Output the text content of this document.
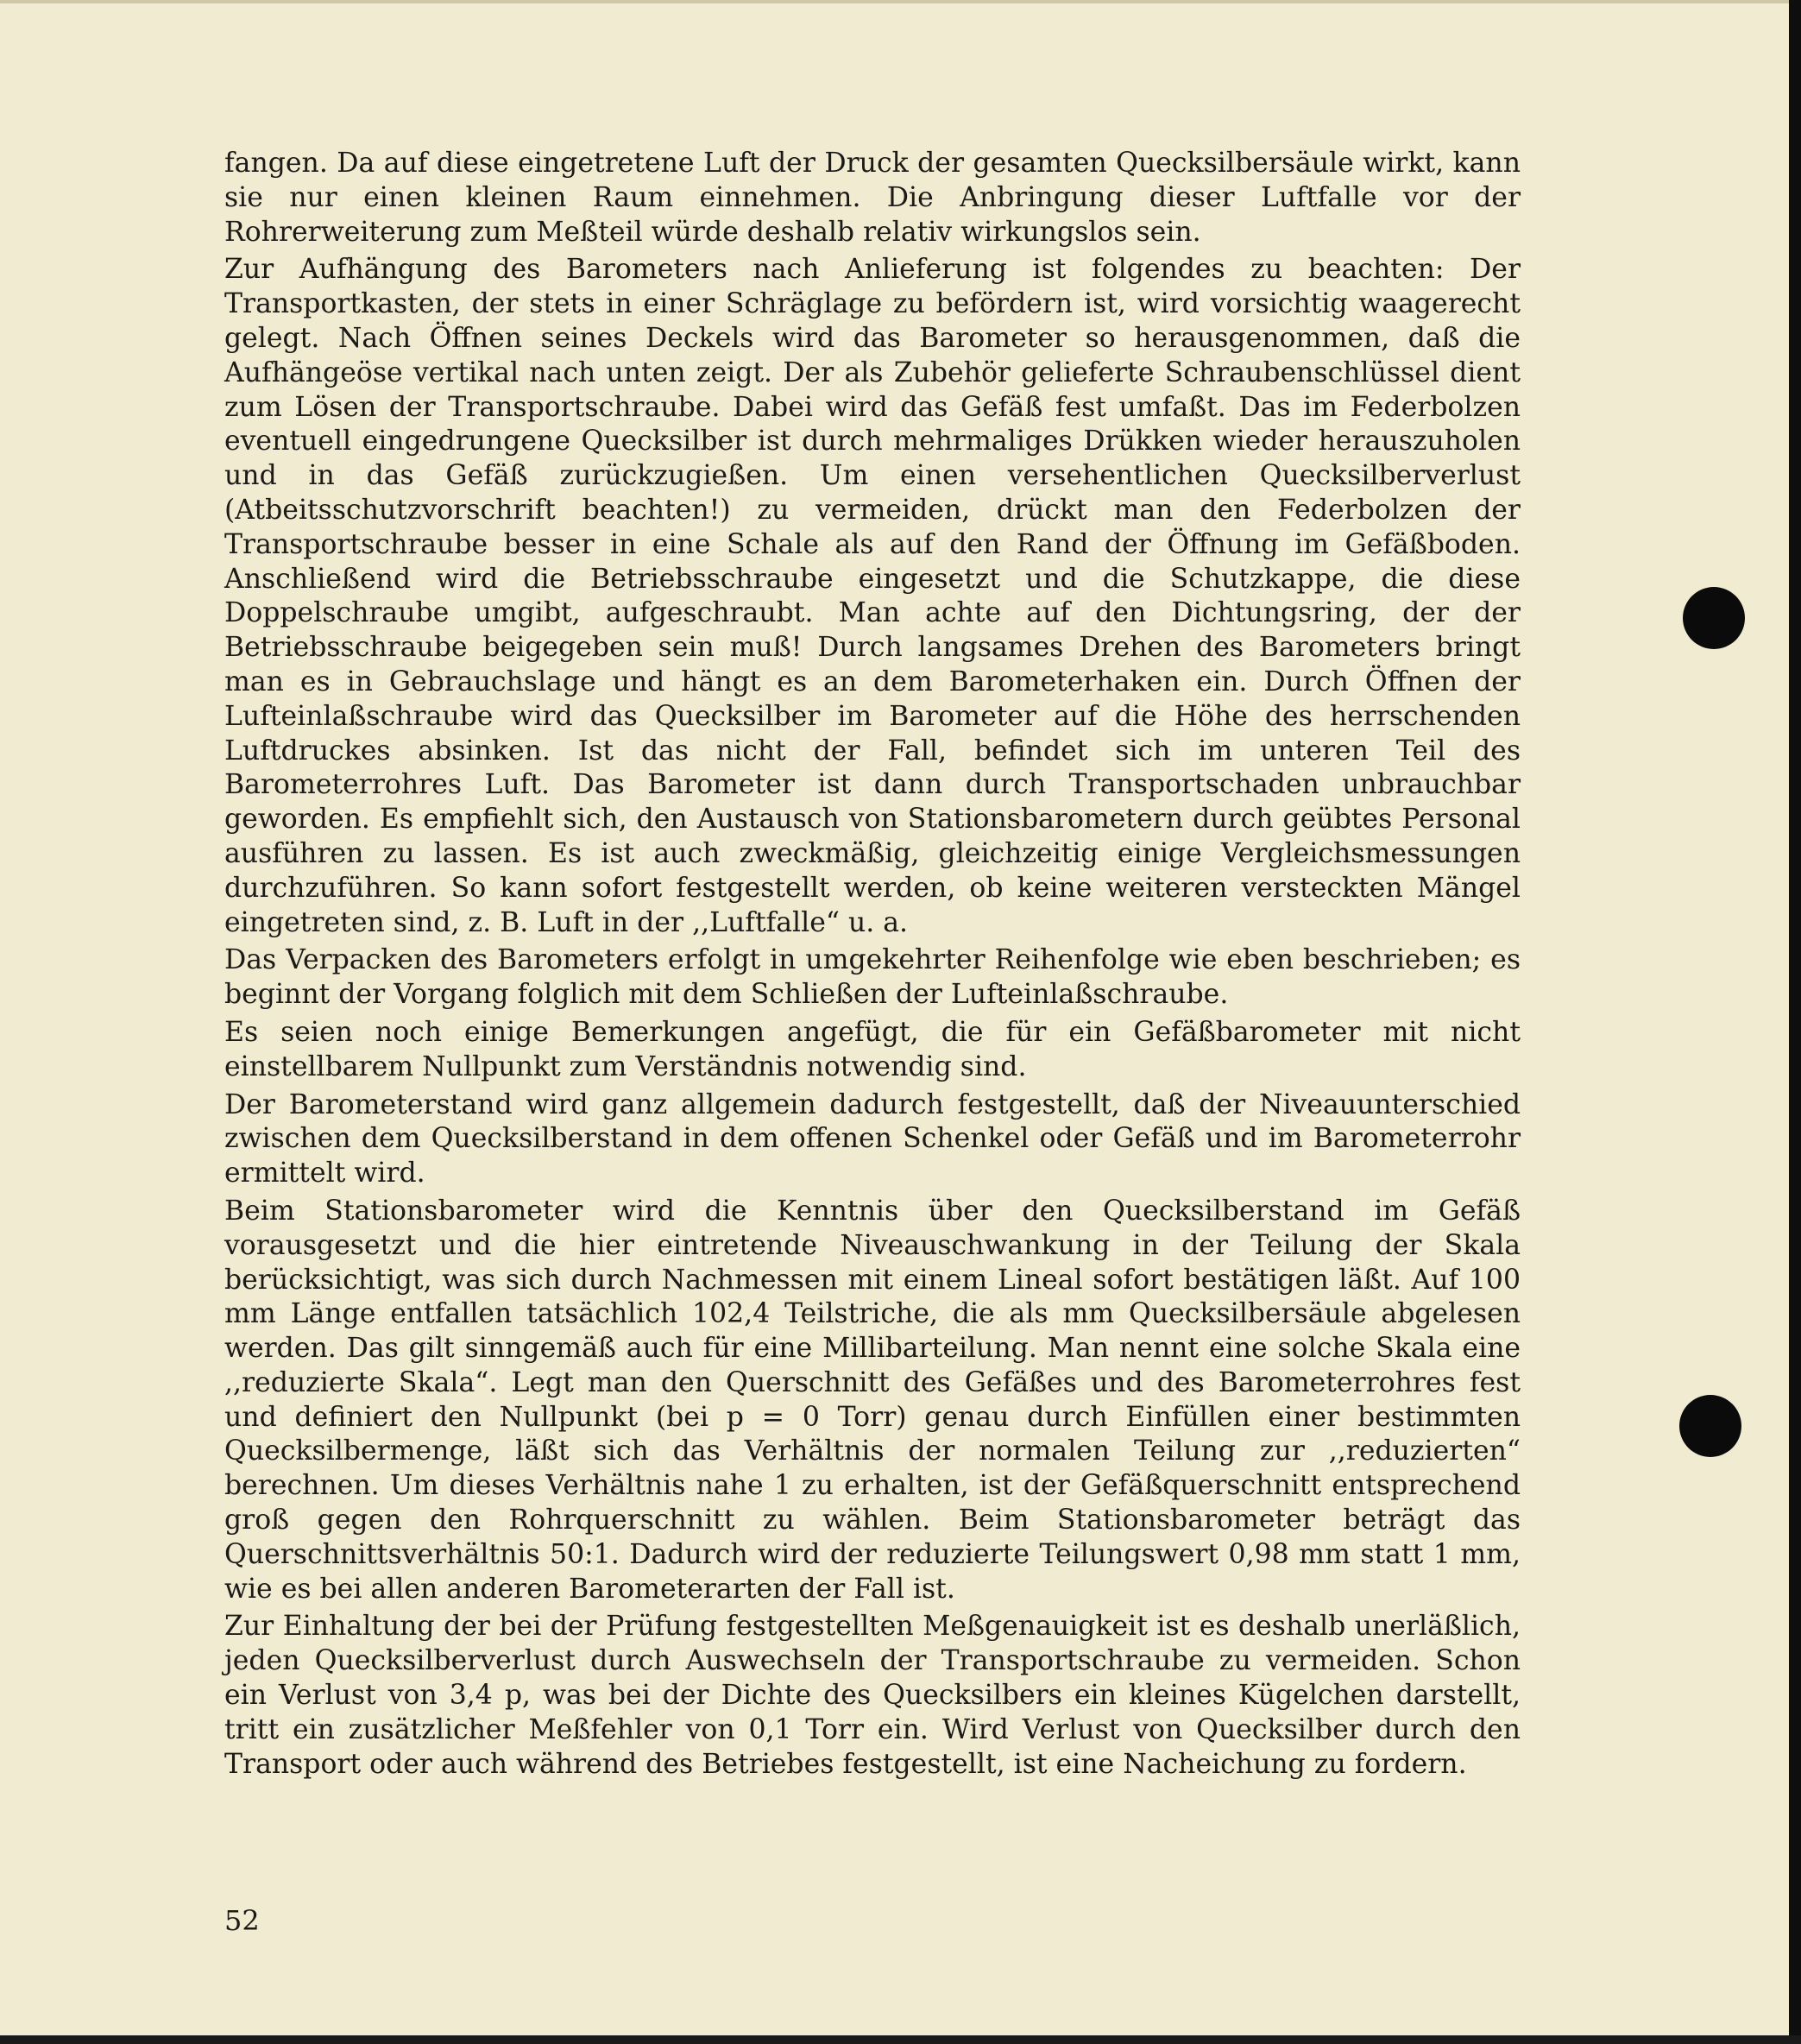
fangen. Da auf diese eingetretene Luft der Druck der gesamten Quecksilbersäule wirkt, kann sie nur einen kleinen Raum einnehmen. Die Anbringung dieser Luftfalle vor der Rohrerweiterung zum Meßteil würde deshalb relativ wirkungslos sein.

Zur Aufhängung des Barometers nach Anlieferung ist folgendes zu beachten: Der Transportkasten, der stets in einer Schräglage zu befördern ist, wird vorsichtig waagerecht gelegt. Nach Öffnen seines Deckels wird das Barometer so herausgenommen, daß die Aufhängeöse vertikal nach unten zeigt. Der als Zubehör gelieferte Schraubenschlüssel dient zum Lösen der Transportschraube. Dabei wird das Gefäß fest umfaßt. Das im Federbolzen eventuell eingedrungene Quecksilber ist durch mehrmaliges Drükken wieder herauszuholen und in das Gefäß zurückzugießen. Um einen versehentlichen Quecksilberverlust (Atbeitsschutzvorschrift beachten!) zu vermeiden, drückt man den Federbolzen der Transportschraube besser in eine Schale als auf den Rand der Öffnung im Gefäßboden. Anschließend wird die Betriebsschraube eingesetzt und die Schutzkappe, die diese Doppelschraube umgibt, aufgeschraubt. Man achte auf den Dichtungsring, der der Betriebsschraube beigegeben sein muß! Durch langsames Drehen des Barometers bringt man es in Gebrauchslage und hängt es an dem Barometerhaken ein. Durch Öffnen der Lufteinlaßschraube wird das Quecksilber im Barometer auf die Höhe des herrschenden Luftdruckes absinken. Ist das nicht der Fall, befindet sich im unteren Teil des Barometerrohres Luft. Das Barometer ist dann durch Transportschaden unbrauchbar geworden. Es empfiehlt sich, den Austausch von Stationsbarometern durch geübtes Personal ausführen zu lassen. Es ist auch zweckmäßig, gleichzeitig einige Vergleichsmessungen durchzuführen. So kann sofort festgestellt werden, ob keine weiteren versteckten Mängel eingetreten sind, z. B. Luft in der ,,Luftfalle“ u. a.

Das Verpacken des Barometers erfolgt in umgekehrter Reihenfolge wie eben beschrieben; es beginnt der Vorgang folglich mit dem Schließen der Lufteinlaßschraube.

Es seien noch einige Bemerkungen angefügt, die für ein Gefäßbarometer mit nicht einstellbarem Nullpunkt zum Verständnis notwendig sind.

Der Barometerstand wird ganz allgemein dadurch festgestellt, daß der Niveauunterschied zwischen dem Quecksilberstand in dem offenen Schenkel oder Gefäß und im Barometerrohr ermittelt wird.

Beim Stationsbarometer wird die Kenntnis über den Quecksilberstand im Gefäß vorausgesetzt und die hier eintretende Niveauschwankung in der Teilung der Skala berücksichtigt, was sich durch Nachmessen mit einem Lineal sofort bestätigen läßt. Auf 100 mm Länge entfallen tatsächlich 102,4 Teilstriche, die als mm Quecksilbersäule abgelesen werden. Das gilt sinngemäß auch für eine Millibarteilung. Man nennt eine solche Skala eine ,,reduzierte Skala“. Legt man den Querschnitt des Gefäßes und des Barometerrohres fest und definiert den Nullpunkt (bei p = 0 Torr) genau durch Einfüllen einer bestimmten Quecksilbermenge, läßt sich das Verhältnis der normalen Teilung zur ,,reduzierten“ berechnen. Um dieses Verhältnis nahe 1 zu erhalten, ist der Gefäßquerschnitt entsprechend groß gegen den Rohrquerschnitt zu wählen. Beim Stationsbarometer beträgt das Querschnittsverhältnis 50:1. Dadurch wird der reduzierte Teilungswert 0,98 mm statt 1 mm, wie es bei allen anderen Barometerarten der Fall ist.

Zur Einhaltung der bei der Prüfung festgestellten Meßgenauigkeit ist es deshalb unerläßlich, jeden Quecksilberverlust durch Auswechseln der Transportschraube zu vermeiden. Schon ein Verlust von 3,4 p, was bei der Dichte des Quecksilbers ein kleines Kügelchen darstellt, tritt ein zusätzlicher Meßfehler von 0,1 Torr ein. Wird Verlust von Quecksilber durch den Transport oder auch während des Betriebes festgestellt, ist eine Nacheichung zu fordern.

52
